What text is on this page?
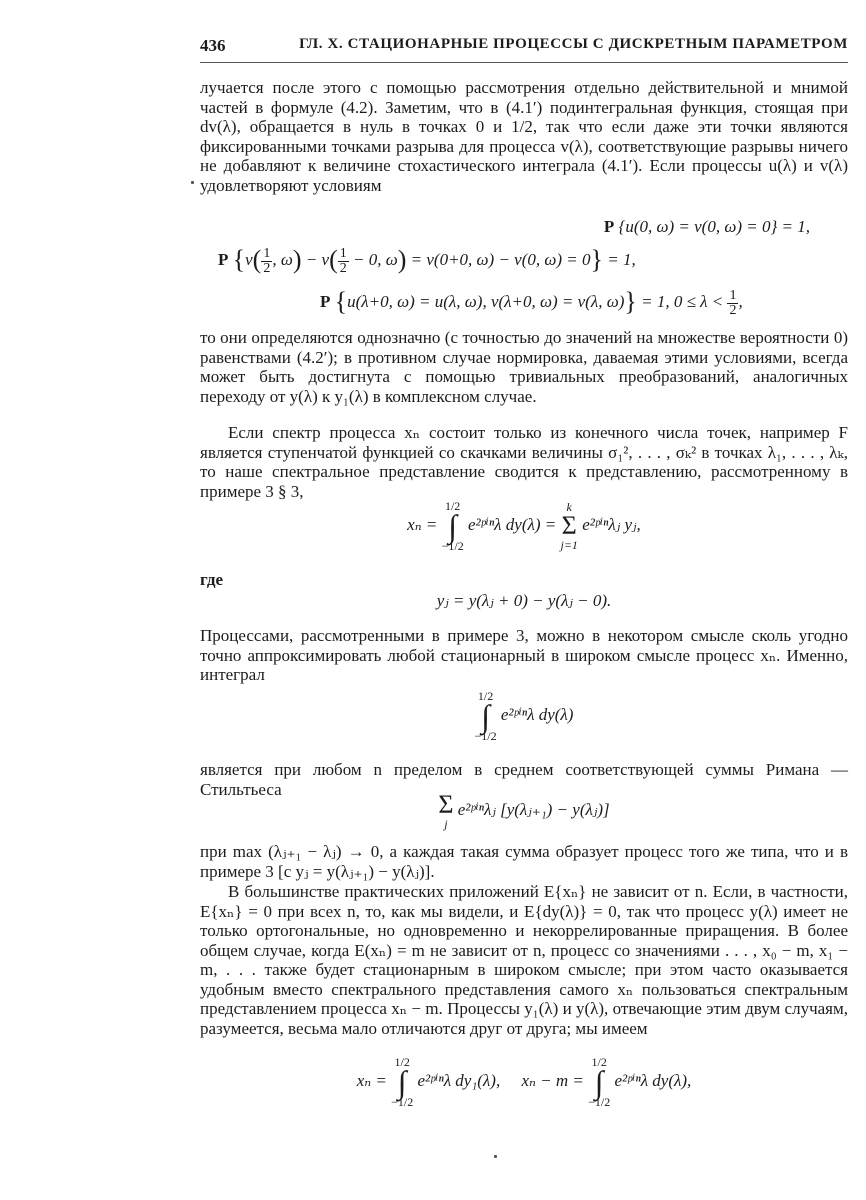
436	ГЛ. X. СТАЦИОНАРНЫЕ ПРОЦЕССЫ С ДИСКРЕТНЫМ ПАРАМЕТРОМ
лучается после этого с помощью рассмотрения отдельно действительной и мнимой частей в формуле (4.2). Заметим, что в (4.1′) подинтегральная функция, стоящая при dv(λ), обращается в нуль в точках 0 и 1/2, так что если даже эти точки являются фиксированными точками разрыва для процесса v(λ), соответствующие разрывы ничего не добавляют к величине стохастического интеграла (4.1′). Если процессы u(λ) и v(λ) удовлетворяют условиям
P {u(0, ω) = v(0, ω) = 0} = 1,
P {$v( \frac{1}{2}$ , $\omega) - v( \frac{1}{2} - 0$, ω) = v(0+0, ω) − v(0, ω) = 0} = 1,
P {u(λ+0, ω) = u(λ, ω), v(λ+0, ω) = v(λ, ω)} = 1, $0 \le \lambda < \frac{1}{2}$ ,
то они определяются однозначно (с точностью до значений на множестве вероятности 0) равенствами (4.2′); в противном случае нормировка, даваемая этими условиями, всегда может быть достигнута с помощью тривиальных преобразований, аналогичных переходу от y(λ) к y₁(λ) в комплексном случае.
Если спектр процесса xₙ состоит только из конечного числа точек, например F является ступенчатой функцией со скачками величины σ₁², . . . , σₖ² в точках λ₁, . . . , λₖ, то наше спектральное представление сводится к представлению, рассмотренному в примере 3 § 3,
xₙ =
1/2
∫
−1/2
e²ᵖⁱⁿλ dy(λ) =
k
Σ
j=1
e²ᵖⁱⁿλⱼ yⱼ,
где
yⱼ = y(λⱼ + 0) − y(λⱼ − 0).
Процессами, рассмотренными в примере 3, можно в некотором смысле сколь угодно точно аппроксимировать любой стационарный в широком смысле процесс xₙ. Именно, интеграл
1/2
∫
−1/2
e²ᵖⁱⁿλ dy(λ)
является при любом n пределом в среднем соответствующей суммы Римана — Стильтьеса
Σ
j
e²ᵖⁱⁿλⱼ [y(λⱼ₊₁) − y(λⱼ)]
при max (λⱼ₊₁ − λⱼ) → 0, а каждая такая сумма образует процесс того же типа, что и в примере 3 [с yⱼ = y(λⱼ₊₁) − y(λⱼ)].
В большинстве практических приложений E{xₙ} не зависит от n. Если, в частности, E{xₙ} = 0 при всех n, то, как мы видели, и E{dy(λ)} = 0, так что процесс y(λ) имеет не только ортогональные, но одновременно и некоррелированные приращения. В более общем случае, когда E(xₙ) = m не зависит от n, процесс со значениями . . . , x₀ − m, x₁ − m, . . . также будет стационарным в широком смысле; при этом часто оказывается удобным вместо спектрального представления самого xₙ пользоваться спектральным представлением процесса xₙ − m. Процессы y₁(λ) и y(λ), отвечающие этим двум случаям, разумеется, весьма мало отличаются друг от друга; мы имеем
xₙ =
1/2
∫
−1/2
e²ᵖⁱⁿλ dy₁(λ), xₙ − m =
1/2
∫
−1/2
e²ᵖⁱⁿλ dy(λ),
